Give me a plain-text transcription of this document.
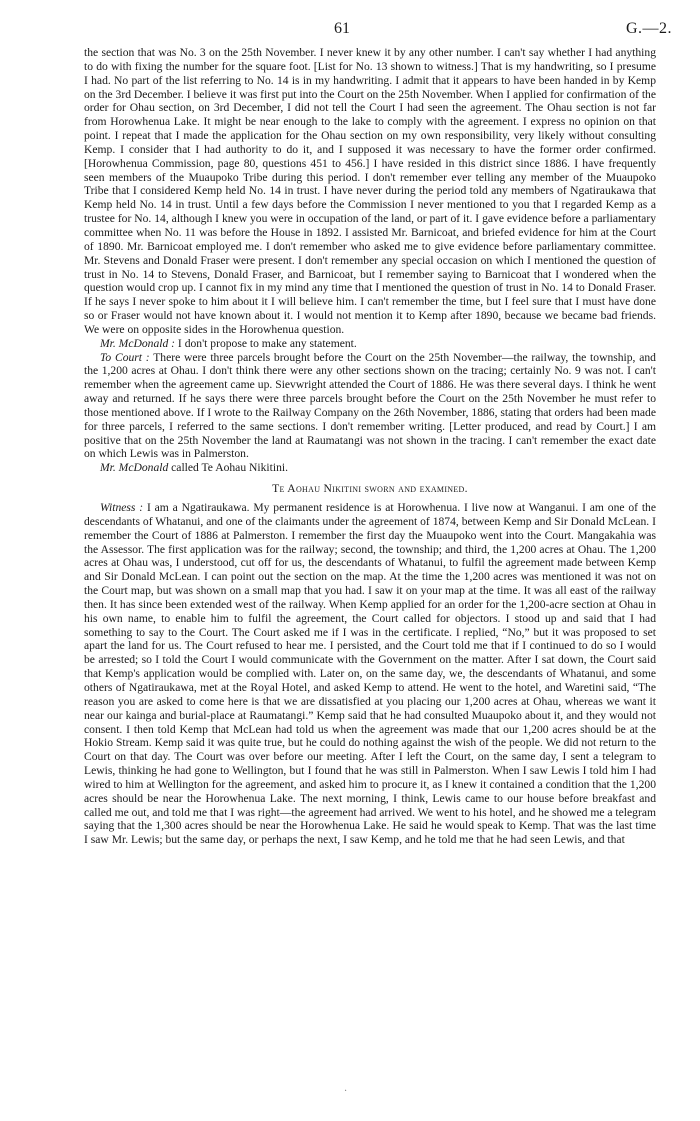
61	G.—2.

the section that was No. 3 on the 25th November. I never knew it by any other number. I can't say whether I had anything to do with fixing the number for the square foot. [List for No. 13 shown to witness.] That is my handwriting, so I presume I had. No part of the list referring to No. 14 is in my handwriting. I admit that it appears to have been handed in by Kemp on the 3rd December. I believe it was first put into the Court on the 25th November. When I applied for confirmation of the order for Ohau section, on 3rd December, I did not tell the Court I had seen the agreement. The Ohau section is not far from Horowhenua Lake. It might be near enough to the lake to comply with the agreement. I express no opinion on that point. I repeat that I made the application for the Ohau section on my own responsibility, very likely without consulting Kemp. I consider that I had authority to do it, and I supposed it was necessary to have the former order confirmed. [Horowhenua Commission, page 80, questions 451 to 456.] I have resided in this district since 1886. I have frequently seen members of the Muaupoko Tribe during this period. I don't remember ever telling any member of the Muaupoko Tribe that I considered Kemp held No. 14 in trust. I have never during the period told any members of Ngatiraukawa that Kemp held No. 14 in trust. Until a few days before the Commission I never mentioned to you that I regarded Kemp as a trustee for No. 14, although I knew you were in occupation of the land, or part of it. I gave evidence before a parliamentary committee when No. 11 was before the House in 1892. I assisted Mr. Barnicoat, and briefed evidence for him at the Court of 1890. Mr. Barnicoat employed me. I don't remember who asked me to give evidence before parliamentary committee. Mr. Stevens and Donald Fraser were present. I don't remember any special occasion on which I mentioned the question of trust in No. 14 to Stevens, Donald Fraser, and Barnicoat, but I remember saying to Barnicoat that I wondered when the question would crop up. I cannot fix in my mind any time that I mentioned the question of trust in No. 14 to Donald Fraser. If he says I never spoke to him about it I will believe him. I can't remember the time, but I feel sure that I must have done so or Fraser would not have known about it. I would not mention it to Kemp after 1890, because we became bad friends. We were on opposite sides in the Horowhenua question.

Mr. McDonald : I don't propose to make any statement.

To Court : There were three parcels brought before the Court on the 25th November—the railway, the township, and the 1,200 acres at Ohau. I don't think there were any other sections shown on the tracing; certainly No. 9 was not. I can't remember when the agreement came up. Sievwright attended the Court of 1886. He was there several days. I think he went away and returned. If he says there were three parcels brought before the Court on the 25th November he must refer to those mentioned above. If I wrote to the Railway Company on the 26th November, 1886, stating that orders had been made for three parcels, I referred to the same sections. I don't remember writing. [Letter produced, and read by Court.] I am positive that on the 25th November the land at Raumatangi was not shown in the tracing. I can't remember the exact date on which Lewis was in Palmerston.

Mr. McDonald called Te Aohau Nikitini.

Te Aohau Nikitini sworn and examined.

Witness : I am a Ngatiraukawa. My permanent residence is at Horowhenua. I live now at Wanganui. I am one of the descendants of Whatanui, and one of the claimants under the agreement of 1874, between Kemp and Sir Donald McLean. I remember the Court of 1886 at Palmerston. I remember the first day the Muaupoko went into the Court. Mangakahia was the Assessor. The first application was for the railway; second, the township; and third, the 1,200 acres at Ohau. The 1,200 acres at Ohau was, I understood, cut off for us, the descendants of Whatanui, to fulfil the agreement made between Kemp and Sir Donald McLean. I can point out the section on the map. At the time the 1,200 acres was mentioned it was not on the Court map, but was shown on a small map that you had. I saw it on your map at the time. It was all east of the railway then. It has since been extended west of the railway. When Kemp applied for an order for the 1,200-acre section at Ohau in his own name, to enable him to fulfil the agreement, the Court called for objectors. I stood up and said that I had something to say to the Court. The Court asked me if I was in the certificate. I replied, “No,” but it was proposed to set apart the land for us. The Court refused to hear me. I persisted, and the Court told me that if I continued to do so I would be arrested; so I told the Court I would communicate with the Government on the matter. After I sat down, the Court said that Kemp's application would be complied with. Later on, on the same day, we, the descendants of Whatanui, and some others of Ngatiraukawa, met at the Royal Hotel, and asked Kemp to attend. He went to the hotel, and Waretini said, “The reason you are asked to come here is that we are dissatisfied at you placing our 1,200 acres at Ohau, whereas we want it near our kainga and burial-place at Raumatangi.” Kemp said that he had consulted Muaupoko about it, and they would not consent. I then told Kemp that McLean had told us when the agreement was made that our 1,200 acres should be at the Hokio Stream. Kemp said it was quite true, but he could do nothing against the wish of the people. We did not return to the Court on that day. The Court was over before our meeting. After I left the Court, on the same day, I sent a telegram to Lewis, thinking he had gone to Wellington, but I found that he was still in Palmerston. When I saw Lewis I told him I had wired to him at Wellington for the agreement, and asked him to procure it, as I knew it contained a condition that the 1,200 acres should be near the Horowhenua Lake. The next morning, I think, Lewis came to our house before breakfast and called me out, and told me that I was right—the agreement had arrived. We went to his hotel, and he showed me a telegram saying that the 1,300 acres should be near the Horowhenua Lake. He said he would speak to Kemp. That was the last time I saw Mr. Lewis; but the same day, or perhaps the next, I saw Kemp, and he told me that he had seen Lewis, and that

·
